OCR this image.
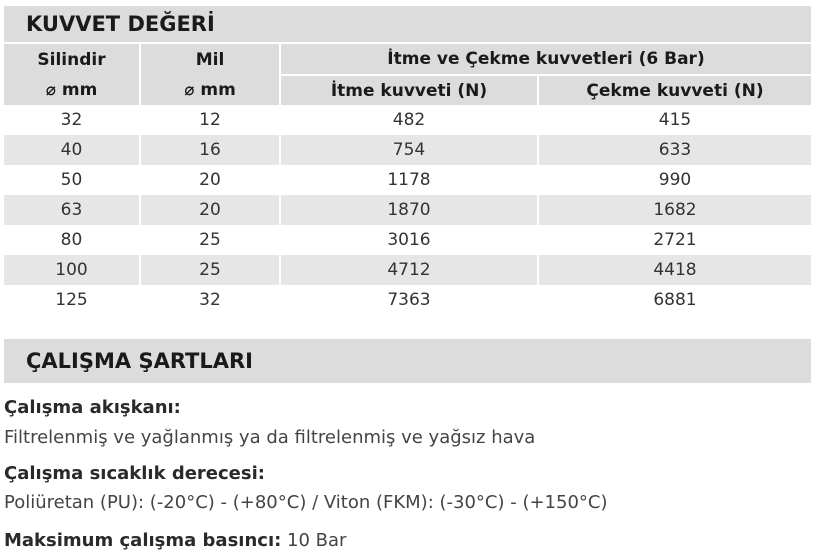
KUVVET DEĞERİ
Silindir	Mil	İtme ve Çekme kuvvetleri (6 Bar)	
⌀ mm	⌀ mm	İtme kuvveti (N)	Çekme kuvveti (N)
32	12	482	415
40	16	754	633
50	20	1178	990
63	20	1870	1682
80	25	3016	2721
100	25	4712	4418
125	32	7363	6881
ÇALIŞMA ŞARTLARI
Çalışma akışkanı:
Filtrelenmiş ve yağlanmış ya da filtrelenmiş ve yağsız hava
Çalışma sıcaklık derecesi:
Poliüretan (PU): (-20°C) - (+80°C) / Viton (FKM): (-30°C) - (+150°C)
Maksimum çalışma basıncı: 10 Bar
